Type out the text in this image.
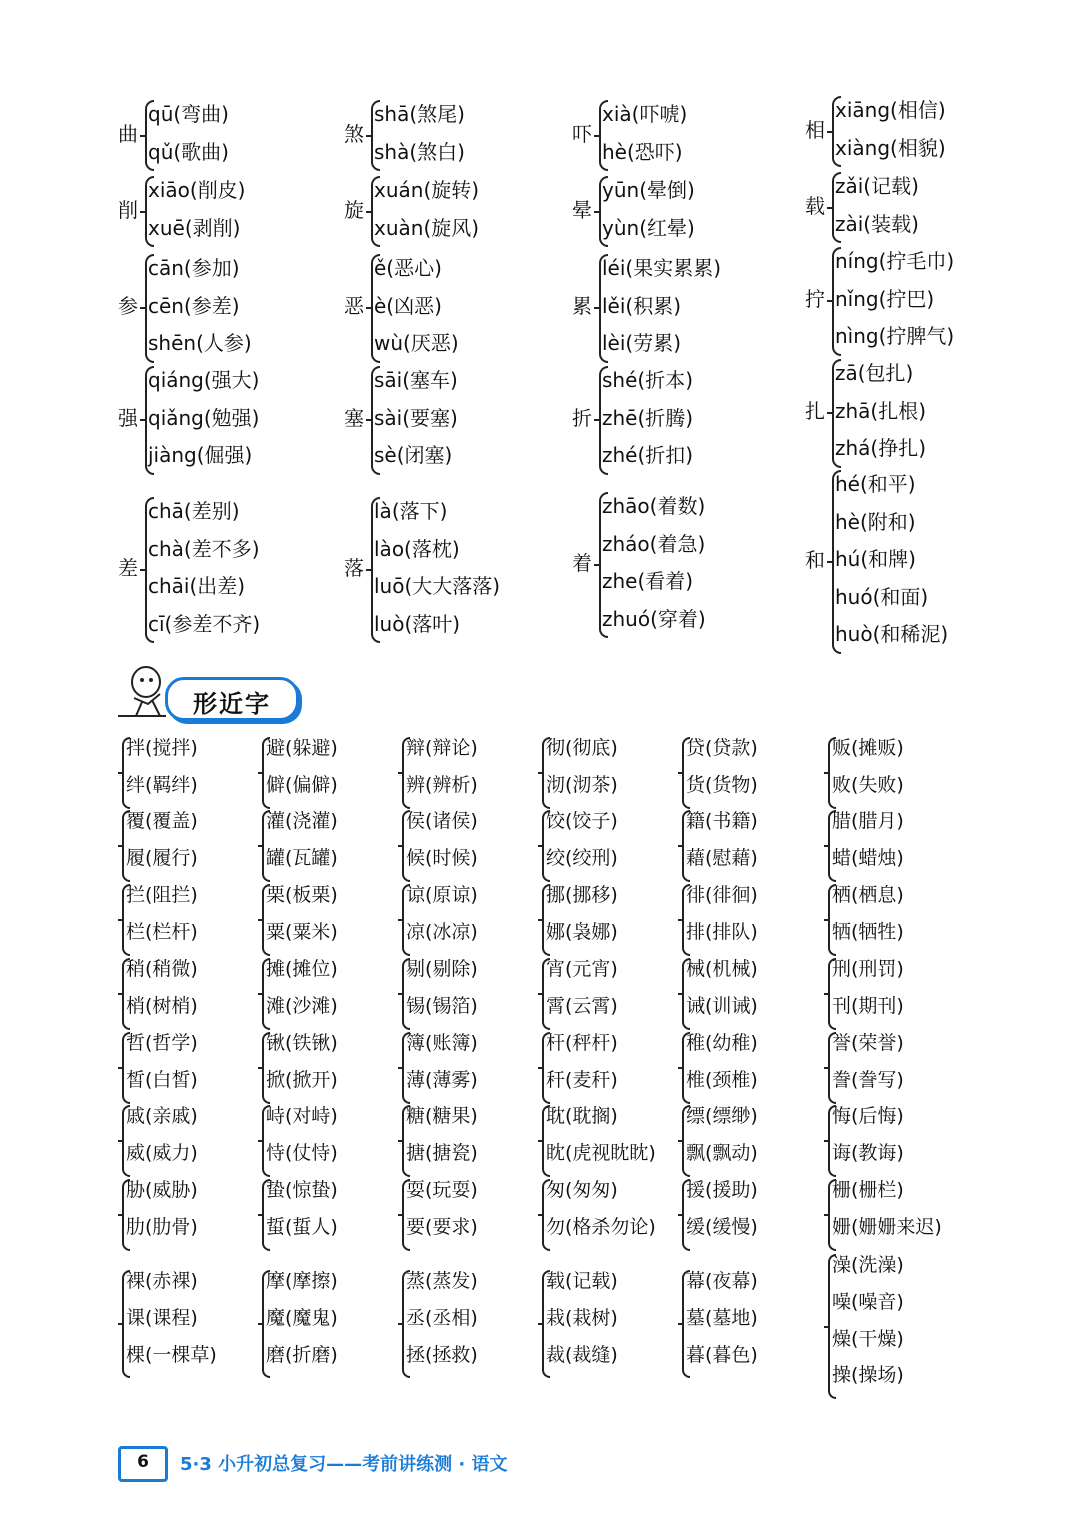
曲
qū(弯曲)
qǔ(歌曲)
削
xiāo(削皮)
xuē(剥削)
参
cān(参加)
cēn(参差)
shēn(人参)
强
qiáng(强大)
qiǎng(勉强)
jiàng(倔强)
差
chā(差别)
chà(差不多)
chāi(出差)
cī(参差不齐)
煞
shā(煞尾)
shà(煞白)
旋
xuán(旋转)
xuàn(旋风)
恶
ě(恶心)
è(凶恶)
wù(厌恶)
塞
sāi(塞车)
sài(要塞)
sè(闭塞)
落
là(落下)
lào(落枕)
luō(大大落落)
luò(落叶)
吓
xià(吓唬)
hè(恐吓)
晕
yūn(晕倒)
yùn(红晕)
累
léi(果实累累)
lěi(积累)
lèi(劳累)
折
shé(折本)
zhē(折腾)
zhé(折扣)
着
zhāo(着数)
zháo(着急)
zhe(看着)
zhuó(穿着)
相
xiāng(相信)
xiàng(相貌)
载
zǎi(记载)
zài(装载)
拧
níng(拧毛巾)
nǐng(拧巴)
nìng(拧脾气)
扎
zā(包扎)
zhā(扎根)
zhá(挣扎)
和
hé(和平)
hè(附和)
hú(和牌)
huó(和面)
huò(和稀泥)
形近字
拌(搅拌)
绊(羁绊)
覆(覆盖)
履(履行)
拦(阻拦)
栏(栏杆)
稍(稍微)
梢(树梢)
哲(哲学)
皙(白皙)
戚(亲戚)
威(威力)
胁(威胁)
肋(肋骨)
裸(赤裸)
课(课程)
棵(一棵草)
避(躲避)
僻(偏僻)
灌(浇灌)
罐(瓦罐)
栗(板栗)
粟(粟米)
摊(摊位)
滩(沙滩)
锹(铁锹)
掀(掀开)
峙(对峙)
恃(仗恃)
蛰(惊蛰)
蜇(蜇人)
摩(摩擦)
魔(魔鬼)
磨(折磨)
辩(辩论)
辨(辨析)
侯(诸侯)
候(时候)
谅(原谅)
凉(冰凉)
剔(剔除)
锡(锡箔)
簿(账簿)
薄(薄雾)
糖(糖果)
搪(搪瓷)
耍(玩耍)
要(要求)
蒸(蒸发)
丞(丞相)
拯(拯救)
彻(彻底)
沏(沏茶)
饺(饺子)
绞(绞刑)
挪(挪移)
娜(袅娜)
宵(元宵)
霄(云霄)
杆(秤杆)
秆(麦秆)
耽(耽搁)
眈(虎视眈眈)
匆(匆匆)
勿(格杀勿论)
载(记载)
栽(栽树)
裁(裁缝)
贷(贷款)
货(货物)
籍(书籍)
藉(慰藉)
徘(徘徊)
排(排队)
械(机械)
诫(训诫)
稚(幼稚)
椎(颈椎)
缥(缥缈)
飘(飘动)
援(援助)
缓(缓慢)
幕(夜幕)
墓(墓地)
暮(暮色)
贩(摊贩)
败(失败)
腊(腊月)
蜡(蜡烛)
栖(栖息)
牺(牺牲)
刑(刑罚)
刊(期刊)
誉(荣誉)
誊(誊写)
悔(后悔)
诲(教诲)
栅(栅栏)
姗(姗姗来迟)
澡(洗澡)
噪(噪音)
燥(干燥)
操(操场)
6	5·3 小升初总复习——考前讲练测 · 语文
